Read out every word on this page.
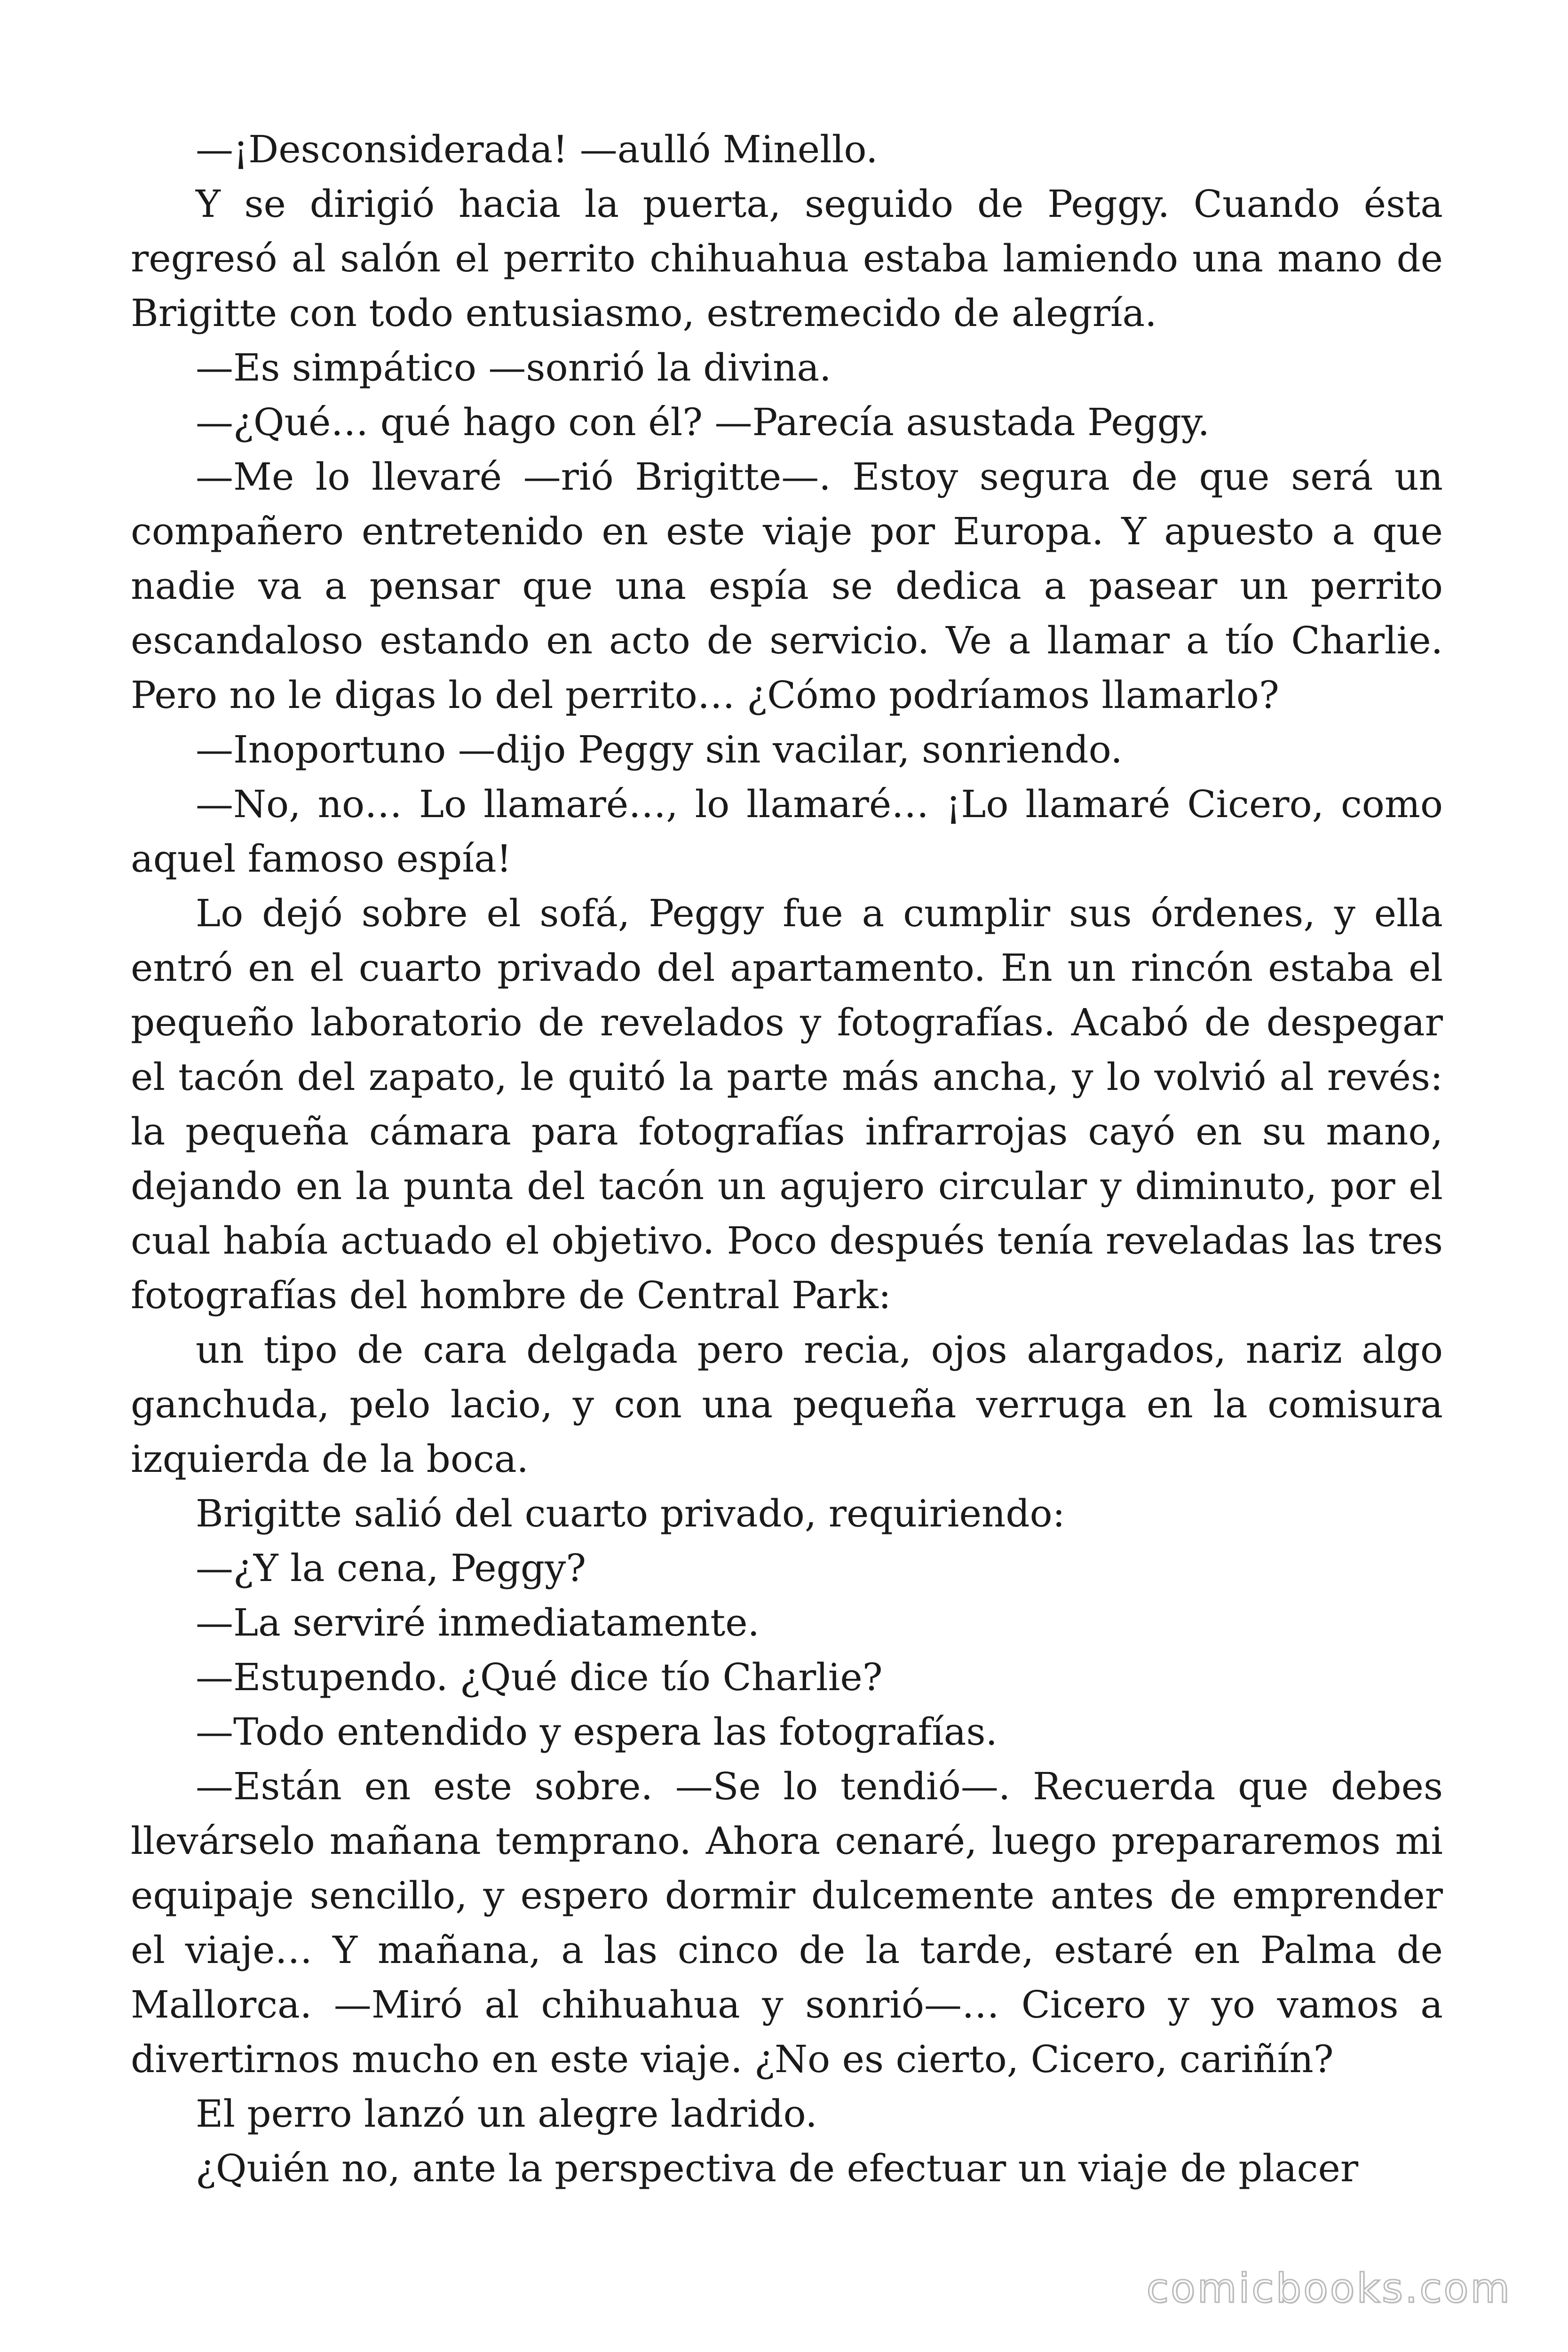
—¡Desconsiderada! —aulló Minello.

Y se dirigió hacia la puerta, seguido de Peggy. Cuando ésta regresó al salón el perrito chihuahua estaba lamiendo una mano de Brigitte con todo entusiasmo, estremecido de alegría.

—Es simpático —sonrió la divina.

—¿Qué… qué hago con él? —Parecía asustada Peggy.

—Me lo llevaré —rió Brigitte—. Estoy segura de que será un compañero entretenido en este viaje por Europa. Y apuesto a que nadie va a pensar que una espía se dedica a pasear un perrito escandaloso estando en acto de servicio. Ve a llamar a tío Charlie. Pero no le digas lo del perrito… ¿Cómo podríamos llamarlo?

—Inoportuno —dijo Peggy sin vacilar, sonriendo.

—No, no… Lo llamaré…, lo llamaré… ¡Lo llamaré Cicero, como aquel famoso espía!

Lo dejó sobre el sofá, Peggy fue a cumplir sus órdenes, y ella entró en el cuarto privado del apartamento. En un rincón estaba el pequeño laboratorio de revelados y fotografías. Acabó de despegar el tacón del zapato, le quitó la parte más ancha, y lo volvió al revés: la pequeña cámara para fotografías infrarrojas cayó en su mano, dejando en la punta del tacón un agujero circular y diminuto, por el cual había actuado el objetivo. Poco después tenía reveladas las tres fotografías del hombre de Central Park:

un tipo de cara delgada pero recia, ojos alargados, nariz algo ganchuda, pelo lacio, y con una pequeña verruga en la comisura izquierda de la boca.

Brigitte salió del cuarto privado, requiriendo:

—¿Y la cena, Peggy?

—La serviré inmediatamente.

—Estupendo. ¿Qué dice tío Charlie?

—Todo entendido y espera las fotografías.

—Están en este sobre. —Se lo tendió—. Recuerda que debes llevárselo mañana temprano. Ahora cenaré, luego prepararemos mi equipaje sencillo, y espero dormir dulcemente antes de emprender el viaje… Y mañana, a las cinco de la tarde, estaré en Palma de Mallorca. —Miró al chihuahua y sonrió—… Cicero y yo vamos a divertirnos mucho en este viaje. ¿No es cierto, Cicero, cariñín?

El perro lanzó un alegre ladrido.

¿Quién no, ante la perspectiva de efectuar un viaje de placer

comicbooks.com
